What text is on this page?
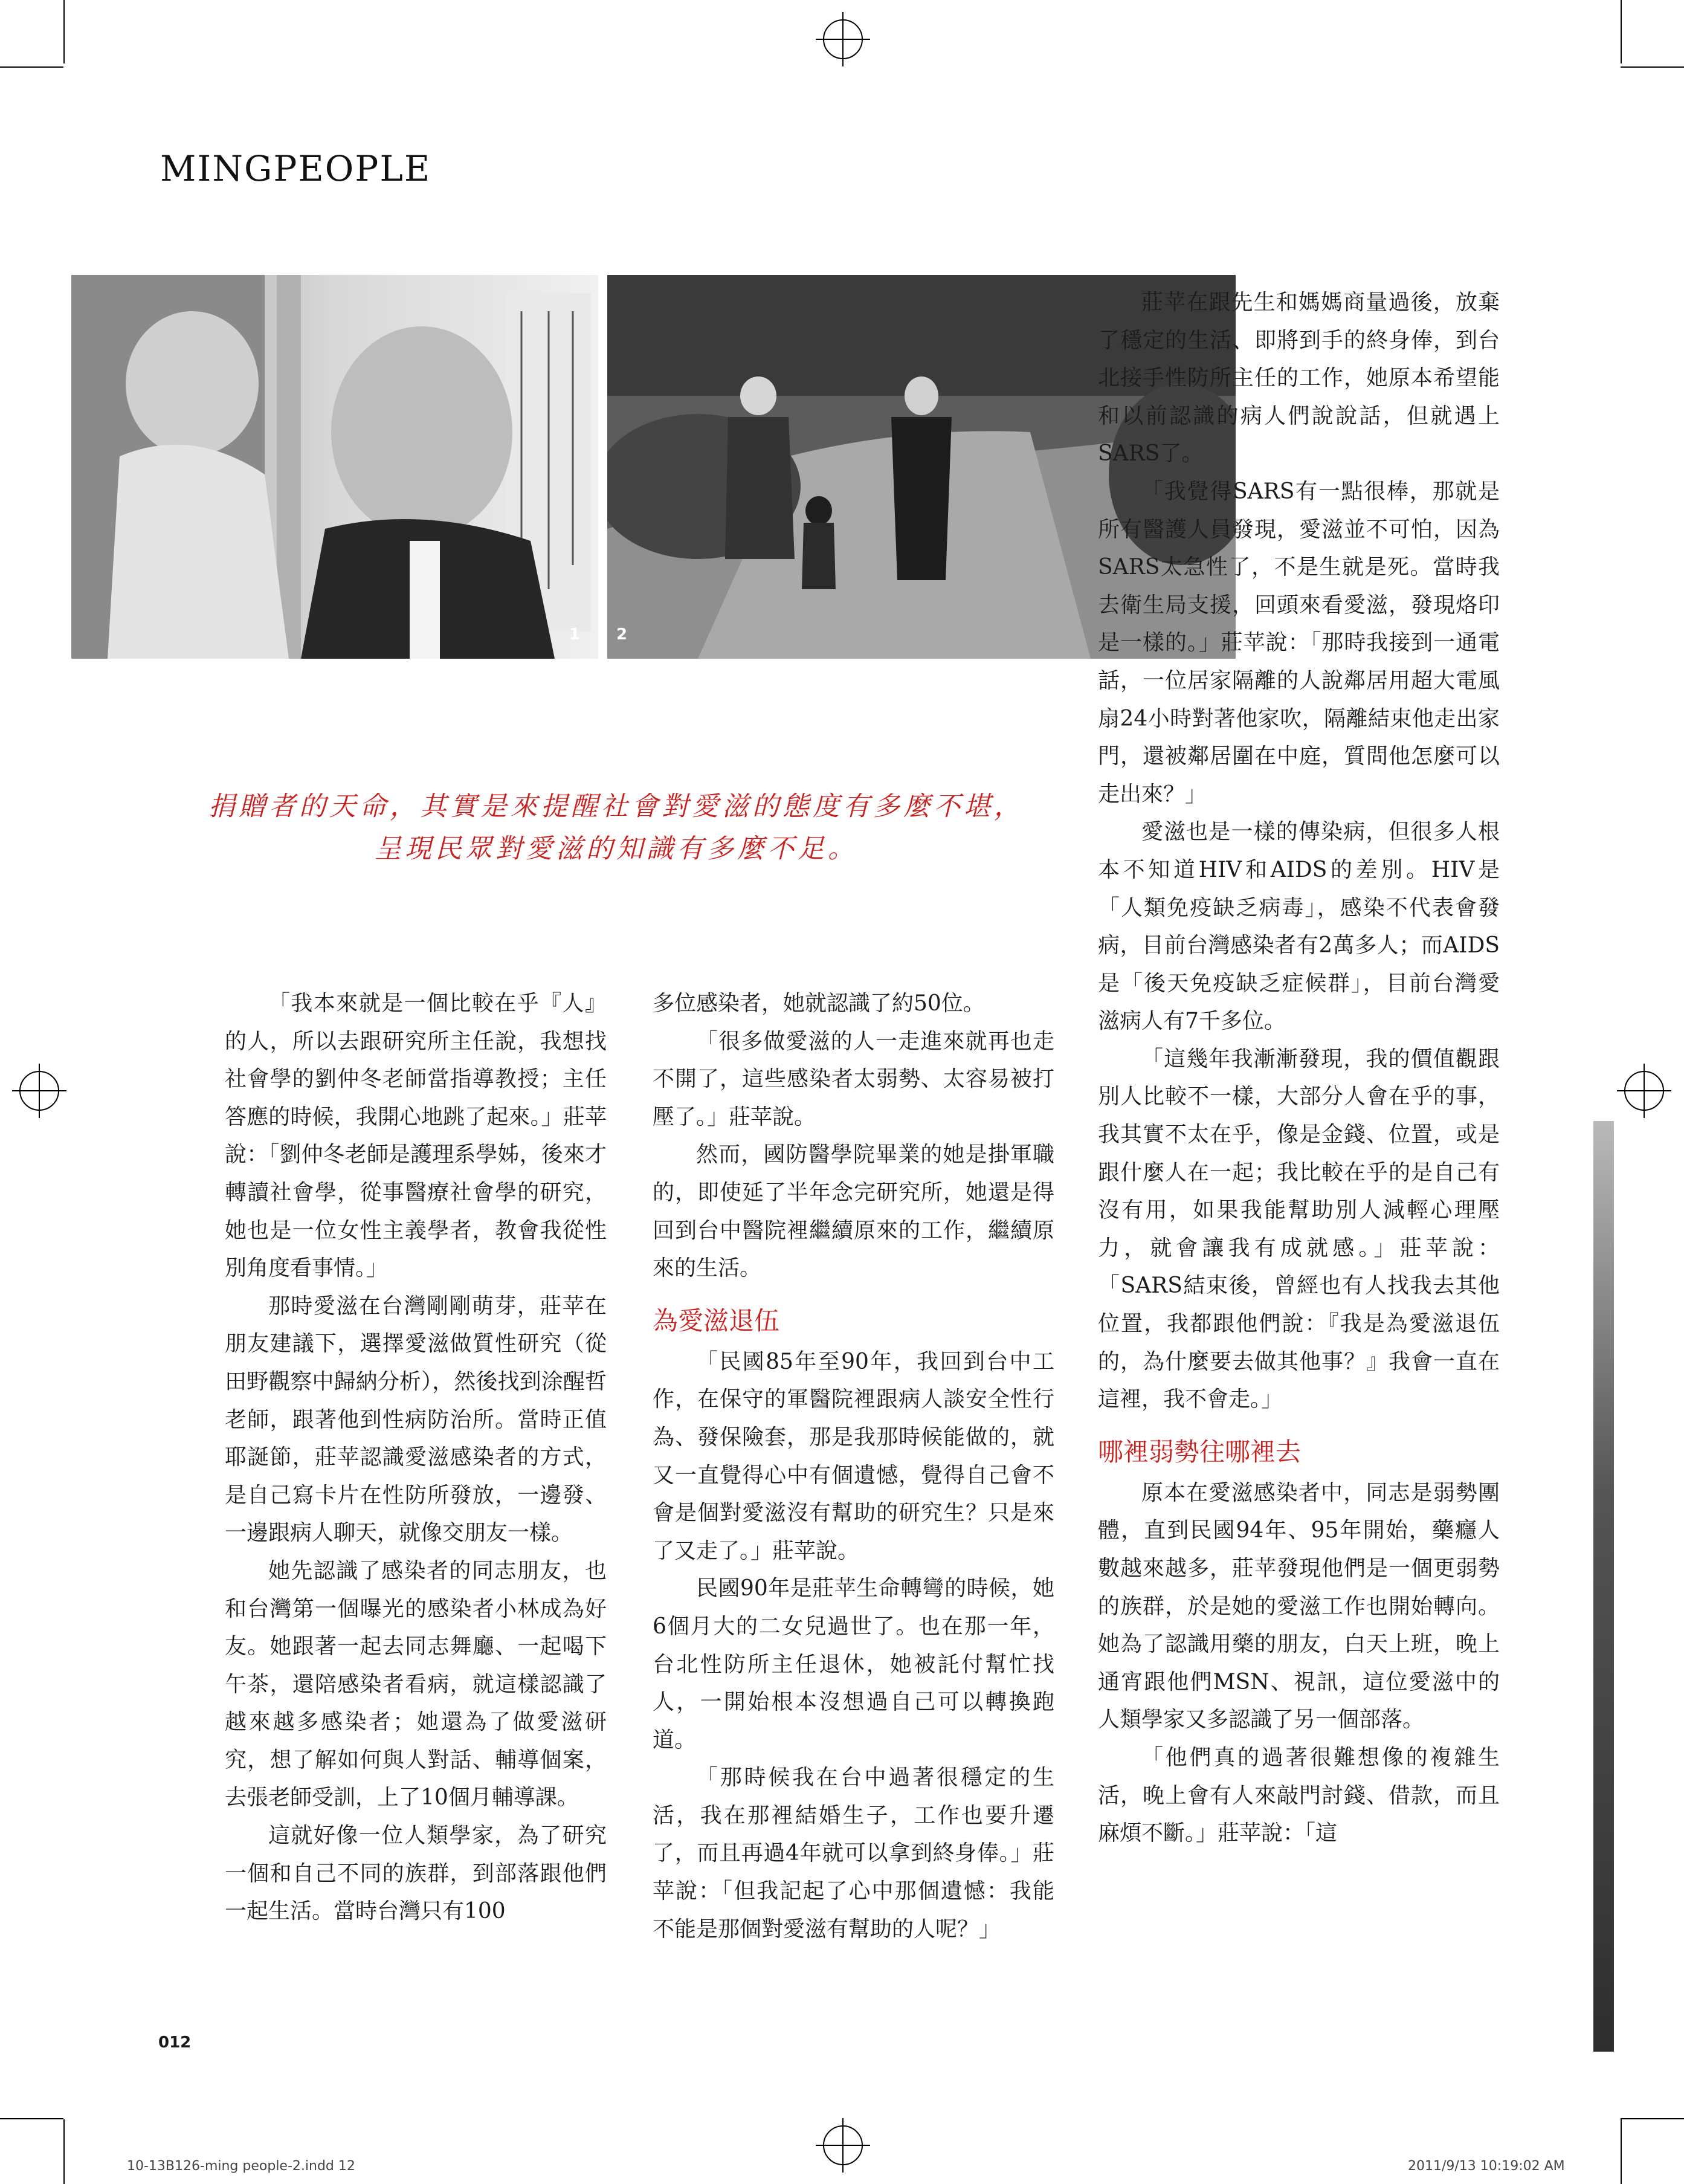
MINGPEOPLE
1 2
捐贈者的天命，其實是來提醒社會對愛滋的態度有多麼不堪，
呈現民眾對愛滋的知識有多麼不足。

「我本來就是一個比較在乎『人』的人，所以去跟研究所主任說，我想找社會學的劉仲冬老師當指導教授；主任答應的時候，我開心地跳了起來。」莊苹說：「劉仲冬老師是護理系學姊，後來才轉讀社會學，從事醫療社會學的研究，她也是一位女性主義學者，教會我從性別角度看事情。」

那時愛滋在台灣剛剛萌芽，莊苹在朋友建議下，選擇愛滋做質性研究（從田野觀察中歸納分析），然後找到涂醒哲老師，跟著他到性病防治所。當時正值耶誕節，莊苹認識愛滋感染者的方式，是自己寫卡片在性防所發放，一邊發、一邊跟病人聊天，就像交朋友一樣。

她先認識了感染者的同志朋友，也和台灣第一個曝光的感染者小林成為好友。她跟著一起去同志舞廳、一起喝下午茶，還陪感染者看病，就這樣認識了越來越多感染者；她還為了做愛滋研究，想了解如何與人對話、輔導個案，去張老師受訓，上了10個月輔導課。

這就好像一位人類學家，為了研究一個和自己不同的族群，到部落跟他們一起生活。當時台灣只有100

多位感染者，她就認識了約50位。

「很多做愛滋的人一走進來就再也走不開了，這些感染者太弱勢、太容易被打壓了。」莊苹說。

然而，國防醫學院畢業的她是掛軍職的，即使延了半年念完研究所，她還是得回到台中醫院裡繼續原來的工作，繼續原來的生活。

為愛滋退伍

「民國85年至90年，我回到台中工作，在保守的軍醫院裡跟病人談安全性行為、發保險套，那是我那時候能做的，就又一直覺得心中有個遺憾，覺得自己會不會是個對愛滋沒有幫助的研究生？只是來了又走了。」莊苹說。

民國90年是莊苹生命轉彎的時候，她6個月大的二女兒過世了。也在那一年，台北性防所主任退休，她被託付幫忙找人，一開始根本沒想過自己可以轉換跑道。

「那時候我在台中過著很穩定的生活，我在那裡結婚生子，工作也要升遷了，而且再過4年就可以拿到終身俸。」莊苹說：「但我記起了心中那個遺憾：我能不能是那個對愛滋有幫助的人呢？」

莊苹在跟先生和媽媽商量過後，放棄了穩定的生活、即將到手的終身俸，到台北接手性防所主任的工作，她原本希望能和以前認識的病人們說說話，但就遇上SARS了。

「我覺得SARS有一點很棒，那就是所有醫護人員發現，愛滋並不可怕，因為SARS太急性了，不是生就是死。當時我去衛生局支援，回頭來看愛滋，發現烙印是一樣的。」莊苹說：「那時我接到一通電話，一位居家隔離的人說鄰居用超大電風扇24小時對著他家吹，隔離結束他走出家門，還被鄰居圍在中庭，質問他怎麼可以走出來？」

愛滋也是一樣的傳染病，但很多人根本不知道HIV和AIDS的差別。HIV是「人類免疫缺乏病毒」，感染不代表會發病，目前台灣感染者有2萬多人；而AIDS是「後天免疫缺乏症候群」，目前台灣愛滋病人有7千多位。

「這幾年我漸漸發現，我的價值觀跟別人比較不一樣，大部分人會在乎的事，我其實不太在乎，像是金錢、位置，或是跟什麼人在一起；我比較在乎的是自己有沒有用，如果我能幫助別人減輕心理壓力，就會讓我有成就感。」莊苹說：「SARS結束後，曾經也有人找我去其他位置，我都跟他們說：『我是為愛滋退伍的，為什麼要去做其他事？』我會一直在這裡，我不會走。」

哪裡弱勢往哪裡去

原本在愛滋感染者中，同志是弱勢團體，直到民國94年、95年開始，藥癮人數越來越多，莊苹發現他們是一個更弱勢的族群，於是她的愛滋工作也開始轉向。她為了認識用藥的朋友，白天上班，晚上通宵跟他們MSN、視訊，這位愛滋中的人類學家又多認識了另一個部落。

「他們真的過著很難想像的複雜生活，晚上會有人來敲門討錢、借款，而且麻煩不斷。」莊苹說：「這

012
10-13B126-ming people-2.indd 12	2011/9/13 10:19:02 AM
